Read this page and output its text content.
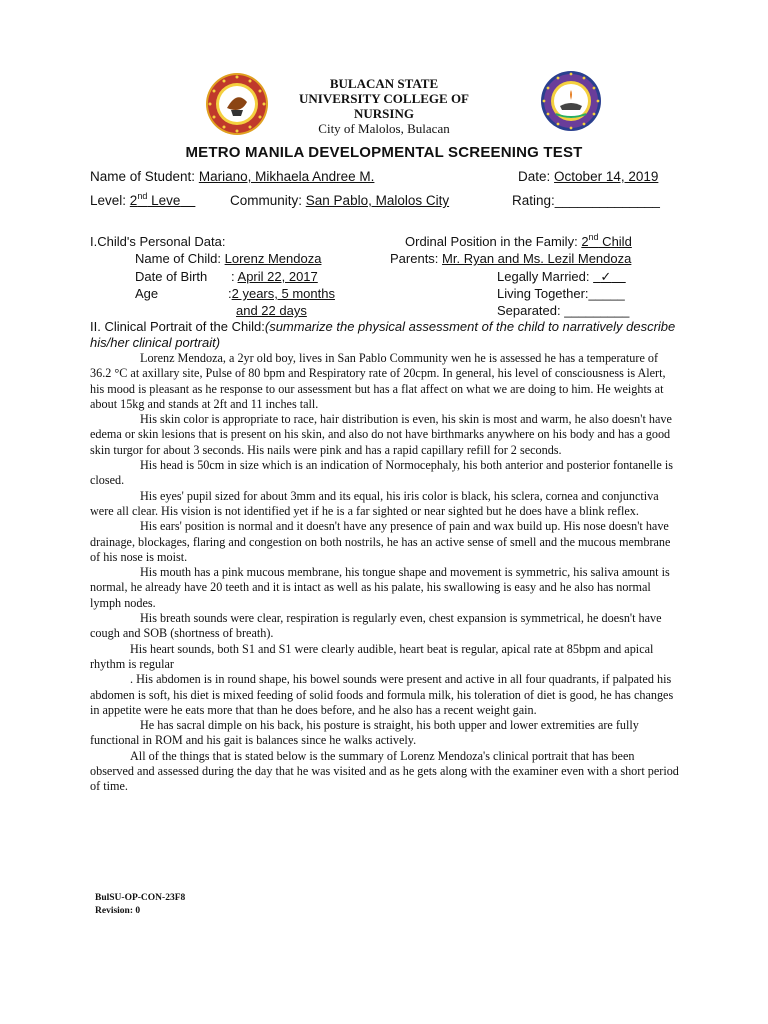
BULACAN STATE
UNIVERSITY COLLEGE OF
NURSING
City of Malolos, Bulacan
METRO MANILA DEVELOPMENTAL SCREENING TEST
Name of Student: Mariano, Mikhaela Andree M.	Date: October 14, 2019
Level: 2nd Leve	Community: San Pablo, Malolos City	Rating:______________
I.Child's Personal Data:	Ordinal Position in the Family: 2nd Child
Name of Child: Lorenz Mendoza	Parents: Mr. Ryan and Ms. Lezil Mendoza
Date of Birth : April 22, 2017	Legally Married: ✓
Age	:2 years, 5 months	Living Together:_____
and 22 days	Separated: _________
II. Clinical Portrait of the Child:(summarize the physical assessment of the child to narratively describe his/her clinical portrait)

Lorenz Mendoza, a 2yr old boy, lives in San Pablo Community wen he is assessed he has a temperature of 36.2 °C at axillary site, Pulse of 80 bpm and Respiratory rate of 20cpm. In general, his level of consciousness is Alert, his mood is pleasant as he response to our assessment but has a flat affect on what we are doing to him. He weights at about 15kg and stands at 2ft and 11 inches tall.

His skin color is appropriate to race, hair distribution is even, his skin is most and warm, he also doesn't have edema or skin lesions that is present on his skin, and also do not have birthmarks anywhere on his body and has a good skin turgor for about 3 seconds. His nails were pink and has a rapid capillary refill for 2 seconds.

His head is 50cm in size which is an indication of Normocephaly, his both anterior and posterior fontanelle is closed.

His eyes' pupil sized for about 3mm and its equal, his iris color is black, his sclera, cornea and conjunctiva were all clear. His vision is not identified yet if he is a far sighted or near sighted but he does have a blink reflex.

His ears' position is normal and it doesn't have any presence of pain and wax build up. His nose doesn't have drainage, blockages, flaring and congestion on both nostrils, he has an active sense of smell and the mucous membrane of his nose is moist.

His mouth has a pink mucous membrane, his tongue shape and movement is symmetric, his saliva amount is normal, he already have 20 teeth and it is intact as well as his palate, his swallowing is easy and he also has normal lymph nodes.

His breath sounds were clear, respiration is regularly even, chest expansion is symmetrical, he doesn't have cough and SOB (shortness of breath).

His heart sounds, both S1 and S1 were clearly audible, heart beat is regular, apical rate at 85bpm and apical rhythm is regular

. His abdomen is in round shape, his bowel sounds were present and active in all four quadrants, if palpated his abdomen is soft, his diet is mixed feeding of solid foods and formula milk, his toleration of diet is good, he has changes in appetite were he eats more that than he does before, and he also has a recent weight gain.

He has sacral dimple on his back, his posture is straight, his both upper and lower extremities are fully functional in ROM and his gait is balances since he walks actively.

All of the things that is stated below is the summary of Lorenz Mendoza's clinical portrait that has been observed and assessed during the day that he was visited and as he gets along with the examiner even with a short period of time.

BulSU-OP-CON-23F8
Revision: 0
